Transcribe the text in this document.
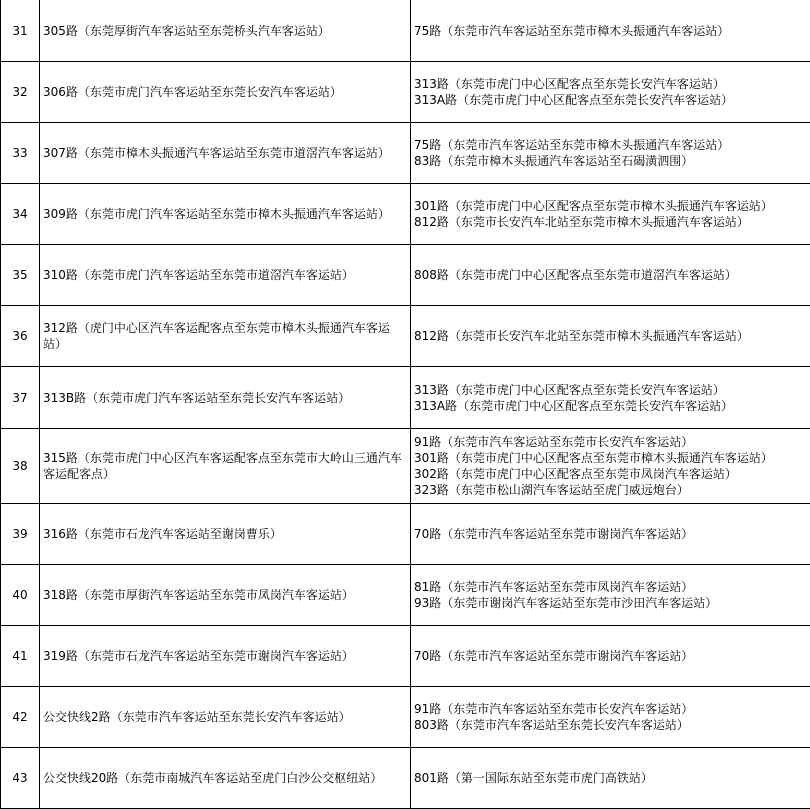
31	305路（东莞厚街汽车客运站至东莞桥头汽车客运站）	75路（东莞市汽车客运站至东莞市樟木头振通汽车客运站）
32	306路（东莞市虎门汽车客运站至东莞长安汽车客运站）	313路（东莞市虎门中心区配客点至东莞长安汽车客运站）
313A路（东莞市虎门中心区配客点至东莞长安汽车客运站）
33	307路（东莞市樟木头振通汽车客运站至东莞市道滘汽车客运站）	75路（东莞市汽车客运站至东莞市樟木头振通汽车客运站）
83路（东莞市樟木头振通汽车客运站至石碣潢泗围）
34	309路（东莞市虎门汽车客运站至东莞市樟木头振通汽车客运站）	301路（东莞市虎门中心区配客点至东莞市樟木头振通汽车客运站）
812路（东莞市长安汽车北站至东莞市樟木头振通汽车客运站）
35	310路（东莞市虎门汽车客运站至东莞市道滘汽车客运站）	808路（东莞市虎门中心区配客点至东莞市道滘汽车客运站）
36	312路（虎门中心区汽车客运配客点至东莞市樟木头振通汽车客运站）	812路（东莞市长安汽车北站至东莞市樟木头振通汽车客运站）
37	313B路（东莞市虎门汽车客运站至东莞长安汽车客运站）	313路（东莞市虎门中心区配客点至东莞长安汽车客运站）
313A路（东莞市虎门中心区配客点至东莞长安汽车客运站）
38	315路（东莞市虎门中心区汽车客运配客点至东莞市大岭山三通汽车客运配客点）	91路（东莞市汽车客运站至东莞市长安汽车客运站）
301路（东莞市虎门中心区配客点至东莞市樟木头振通汽车客运站）
302路（东莞市虎门中心区配客点至东莞市凤岗汽车客运站）
323路（东莞市松山湖汽车客运站至虎门威远炮台）
39	316路（东莞市石龙汽车客运站至谢岗曹乐）	70路（东莞市汽车客运站至东莞市谢岗汽车客运站）
40	318路（东莞市厚街汽车客运站至东莞市凤岗汽车客运站）	81路（东莞市汽车客运站至东莞市凤岗汽车客运站）
93路（东莞市谢岗汽车客运站至东莞市沙田汽车客运站）
41	319路（东莞市石龙汽车客运站至东莞市谢岗汽车客运站）	70路（东莞市汽车客运站至东莞市谢岗汽车客运站）
42	公交快线2路（东莞市汽车客运站至东莞长安汽车客运站）	91路（东莞市汽车客运站至东莞市长安汽车客运站）
803路（东莞市汽车客运站至东莞长安汽车客运站）
43	公交快线20路（东莞市南城汽车客运站至虎门白沙公交枢纽站）	801路（第一国际东站至东莞市虎门高铁站）
